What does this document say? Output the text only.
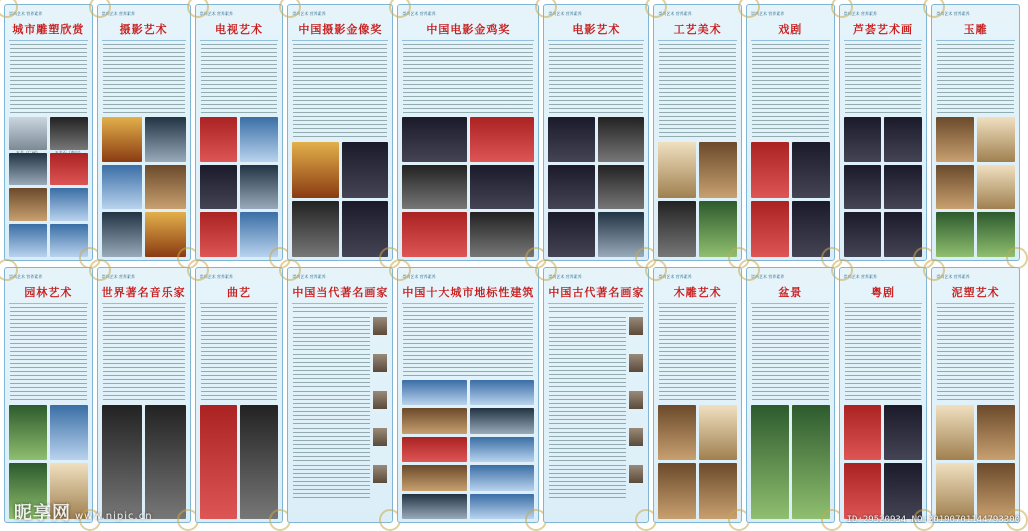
崇尚艺术 营养素养
城市雕塑欣赏
崇尚艺术 营养素养
摄影艺术
崇尚艺术 营养素养
电视艺术
崇尚艺术 营养素养
中国摄影金像奖
崇尚艺术 营养素养
中国电影金鸡奖
崇尚艺术 营养素养
电影艺术
崇尚艺术 营养素养
工艺美术
崇尚艺术 营养素养
戏剧
崇尚艺术 营养素养
芦荟艺术画
崇尚艺术 营养素养
玉雕
崇尚艺术 营养素养
园林艺术
崇尚艺术 营养素养
世界著名音乐家
崇尚艺术 营养素养
曲艺
崇尚艺术 营养素养
中国当代著名画家
崇尚艺术 营养素养
中国十大城市地标性建筑
崇尚艺术 营养素养
中国古代著名画家
崇尚艺术 营养素养
木雕艺术
崇尚艺术 营养素养
盆景
崇尚艺术 营养素养
粤剧
崇尚艺术 营养素养
泥塑艺术
昵享网 www.nipic.cn	ID:29520934 NO:20190701144793300
